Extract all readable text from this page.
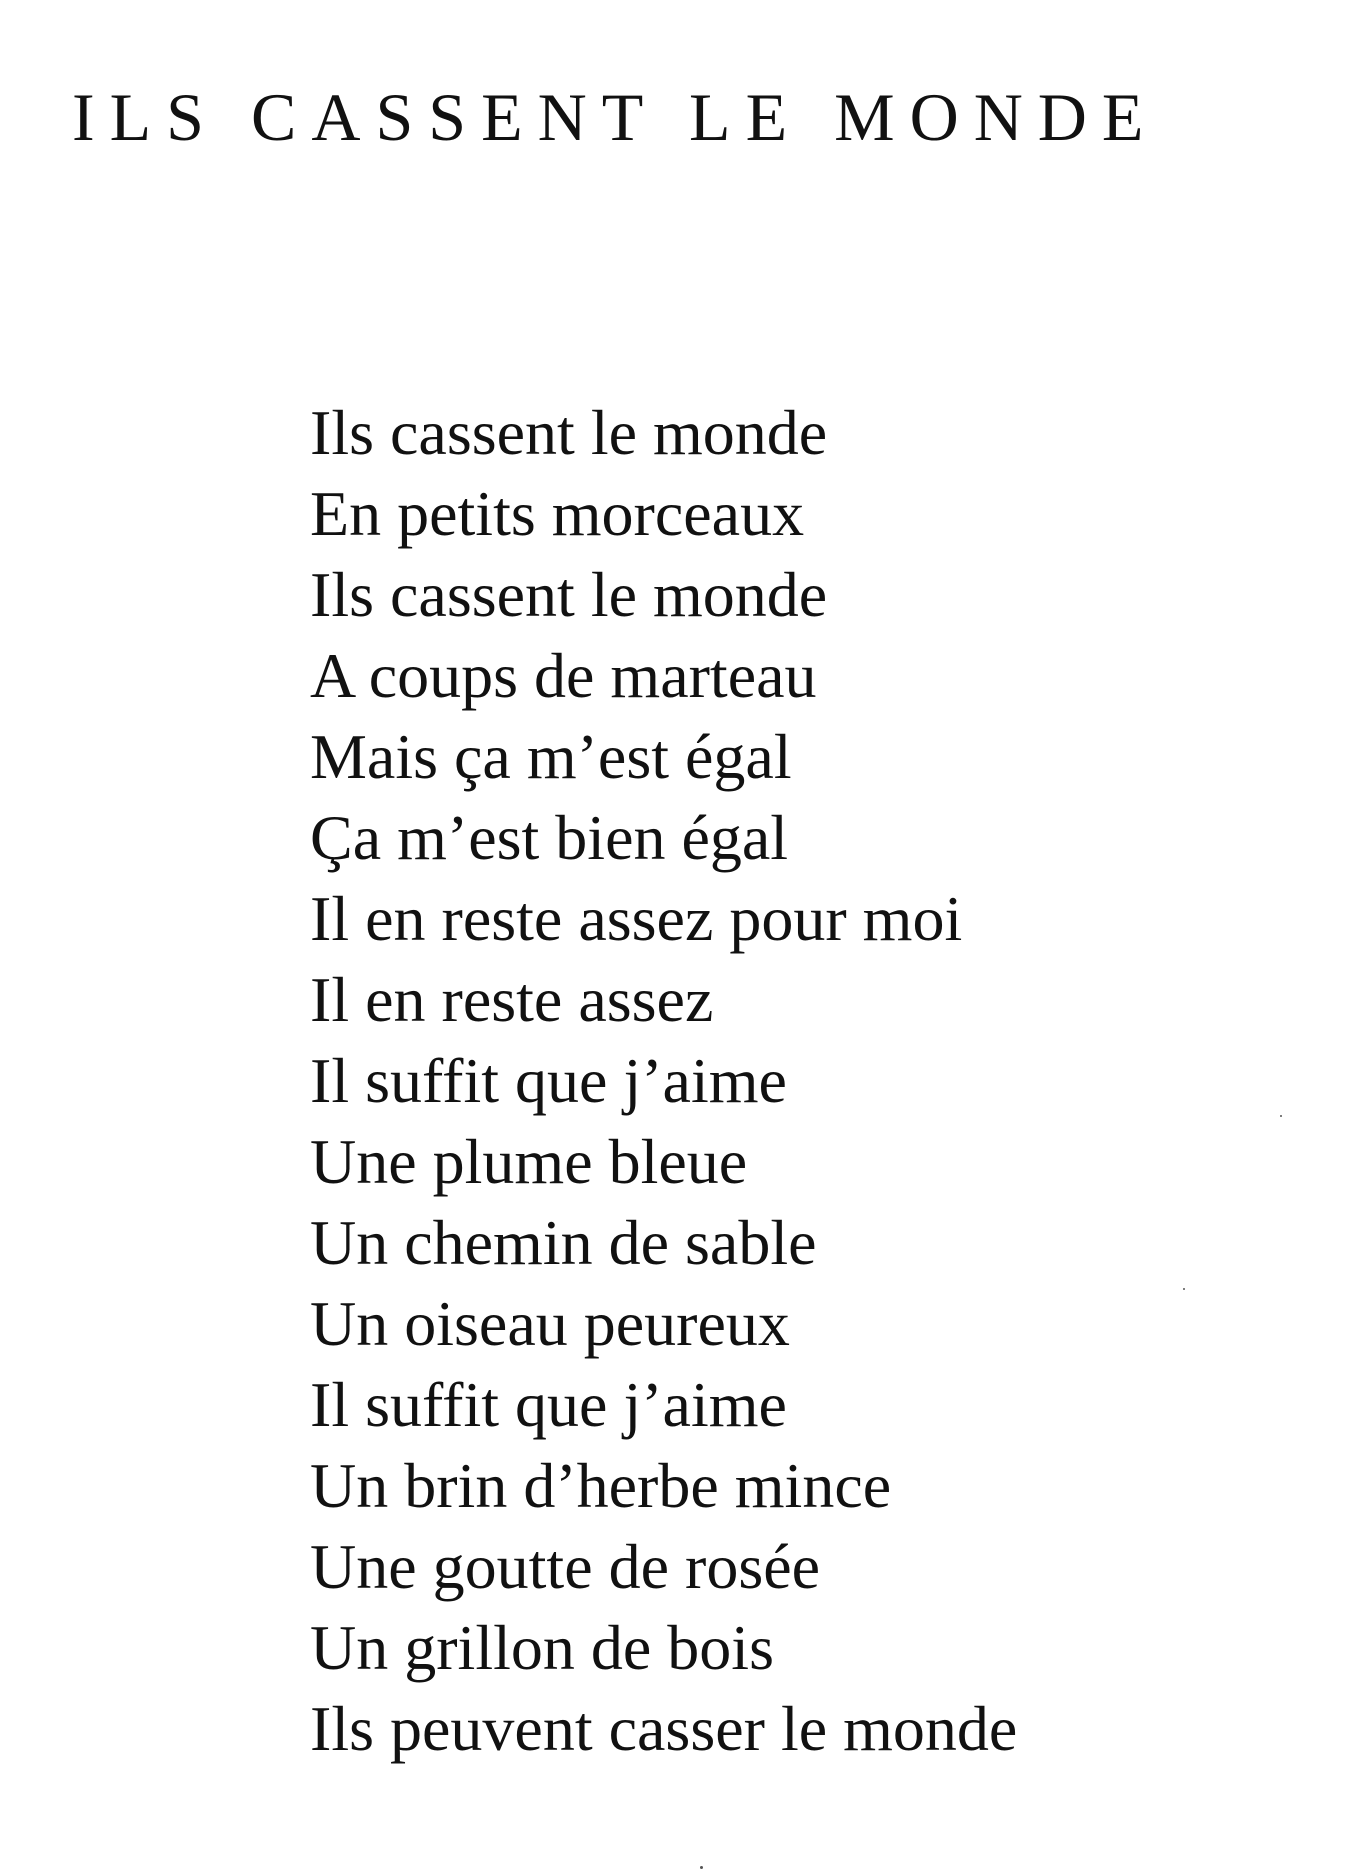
ILS CASSENT LE MONDE
Ils cassent le monde
En petits morceaux
Ils cassent le monde
A coups de marteau
Mais ça m’est égal
Ça m’est bien égal
Il en reste assez pour moi
Il en reste assez
Il suffit que j’aime
Une plume bleue
Un chemin de sable
Un oiseau peureux
Il suffit que j’aime
Un brin d’herbe mince
Une goutte de rosée
Un grillon de bois
Ils peuvent casser le monde
